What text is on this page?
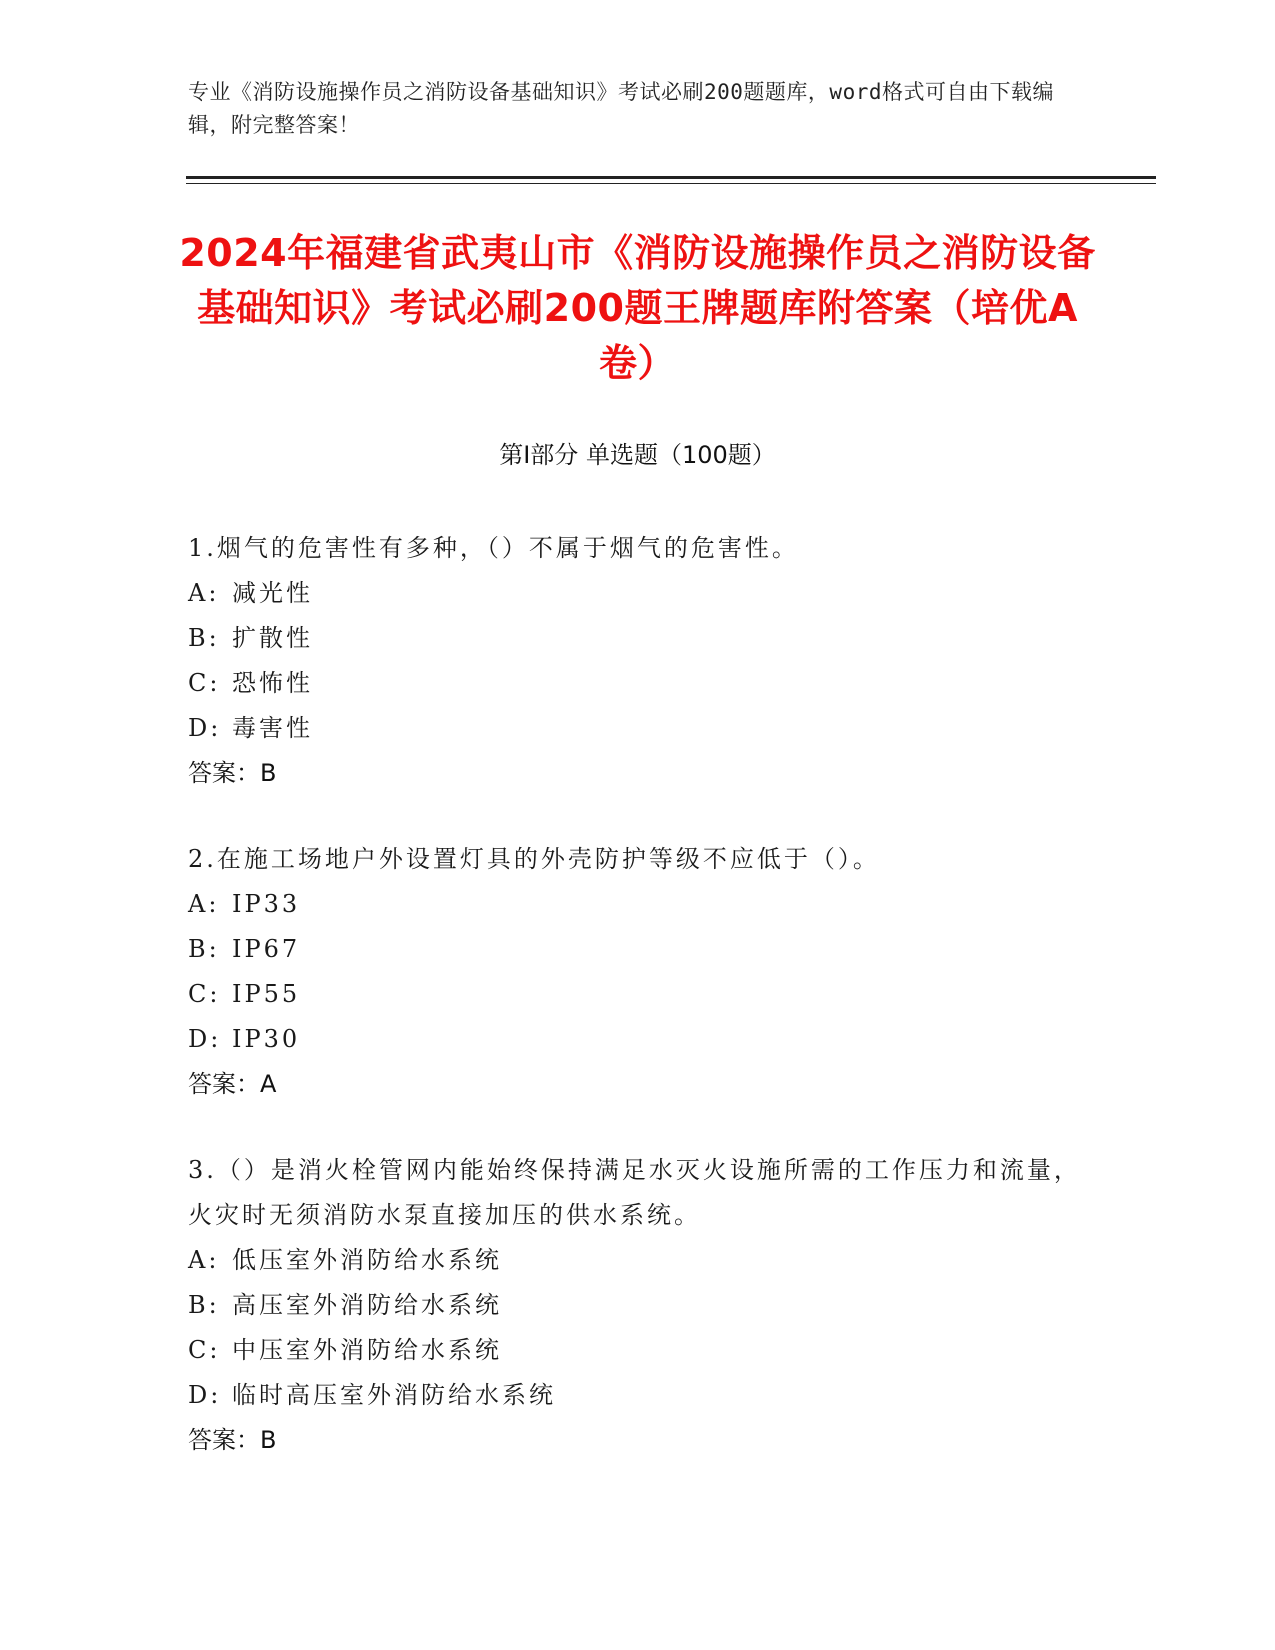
专业《消防设施操作员之消防设备基础知识》考试必刷200题题库，word格式可自由下载编辑，附完整答案！
2024年福建省武夷山市《消防设施操作员之消防设备基础知识》考试必刷200题王牌题库附答案（培优A卷）
第I部分 单选题（100题）
1.烟气的危害性有多种，（）不属于烟气的危害性。
A: 减光性
B: 扩散性
C: 恐怖性
D: 毒害性
答案：B
2.在施工场地户外设置灯具的外壳防护等级不应低于（）。
A: IP33
B: IP67
C: IP55
D: IP30
答案：A
3.（）是消火栓管网内能始终保持满足水灭火设施所需的工作压力和流量，火灾时无须消防水泵直接加压的供水系统。
A: 低压室外消防给水系统
B: 高压室外消防给水系统
C: 中压室外消防给水系统
D: 临时高压室外消防给水系统
答案：B
